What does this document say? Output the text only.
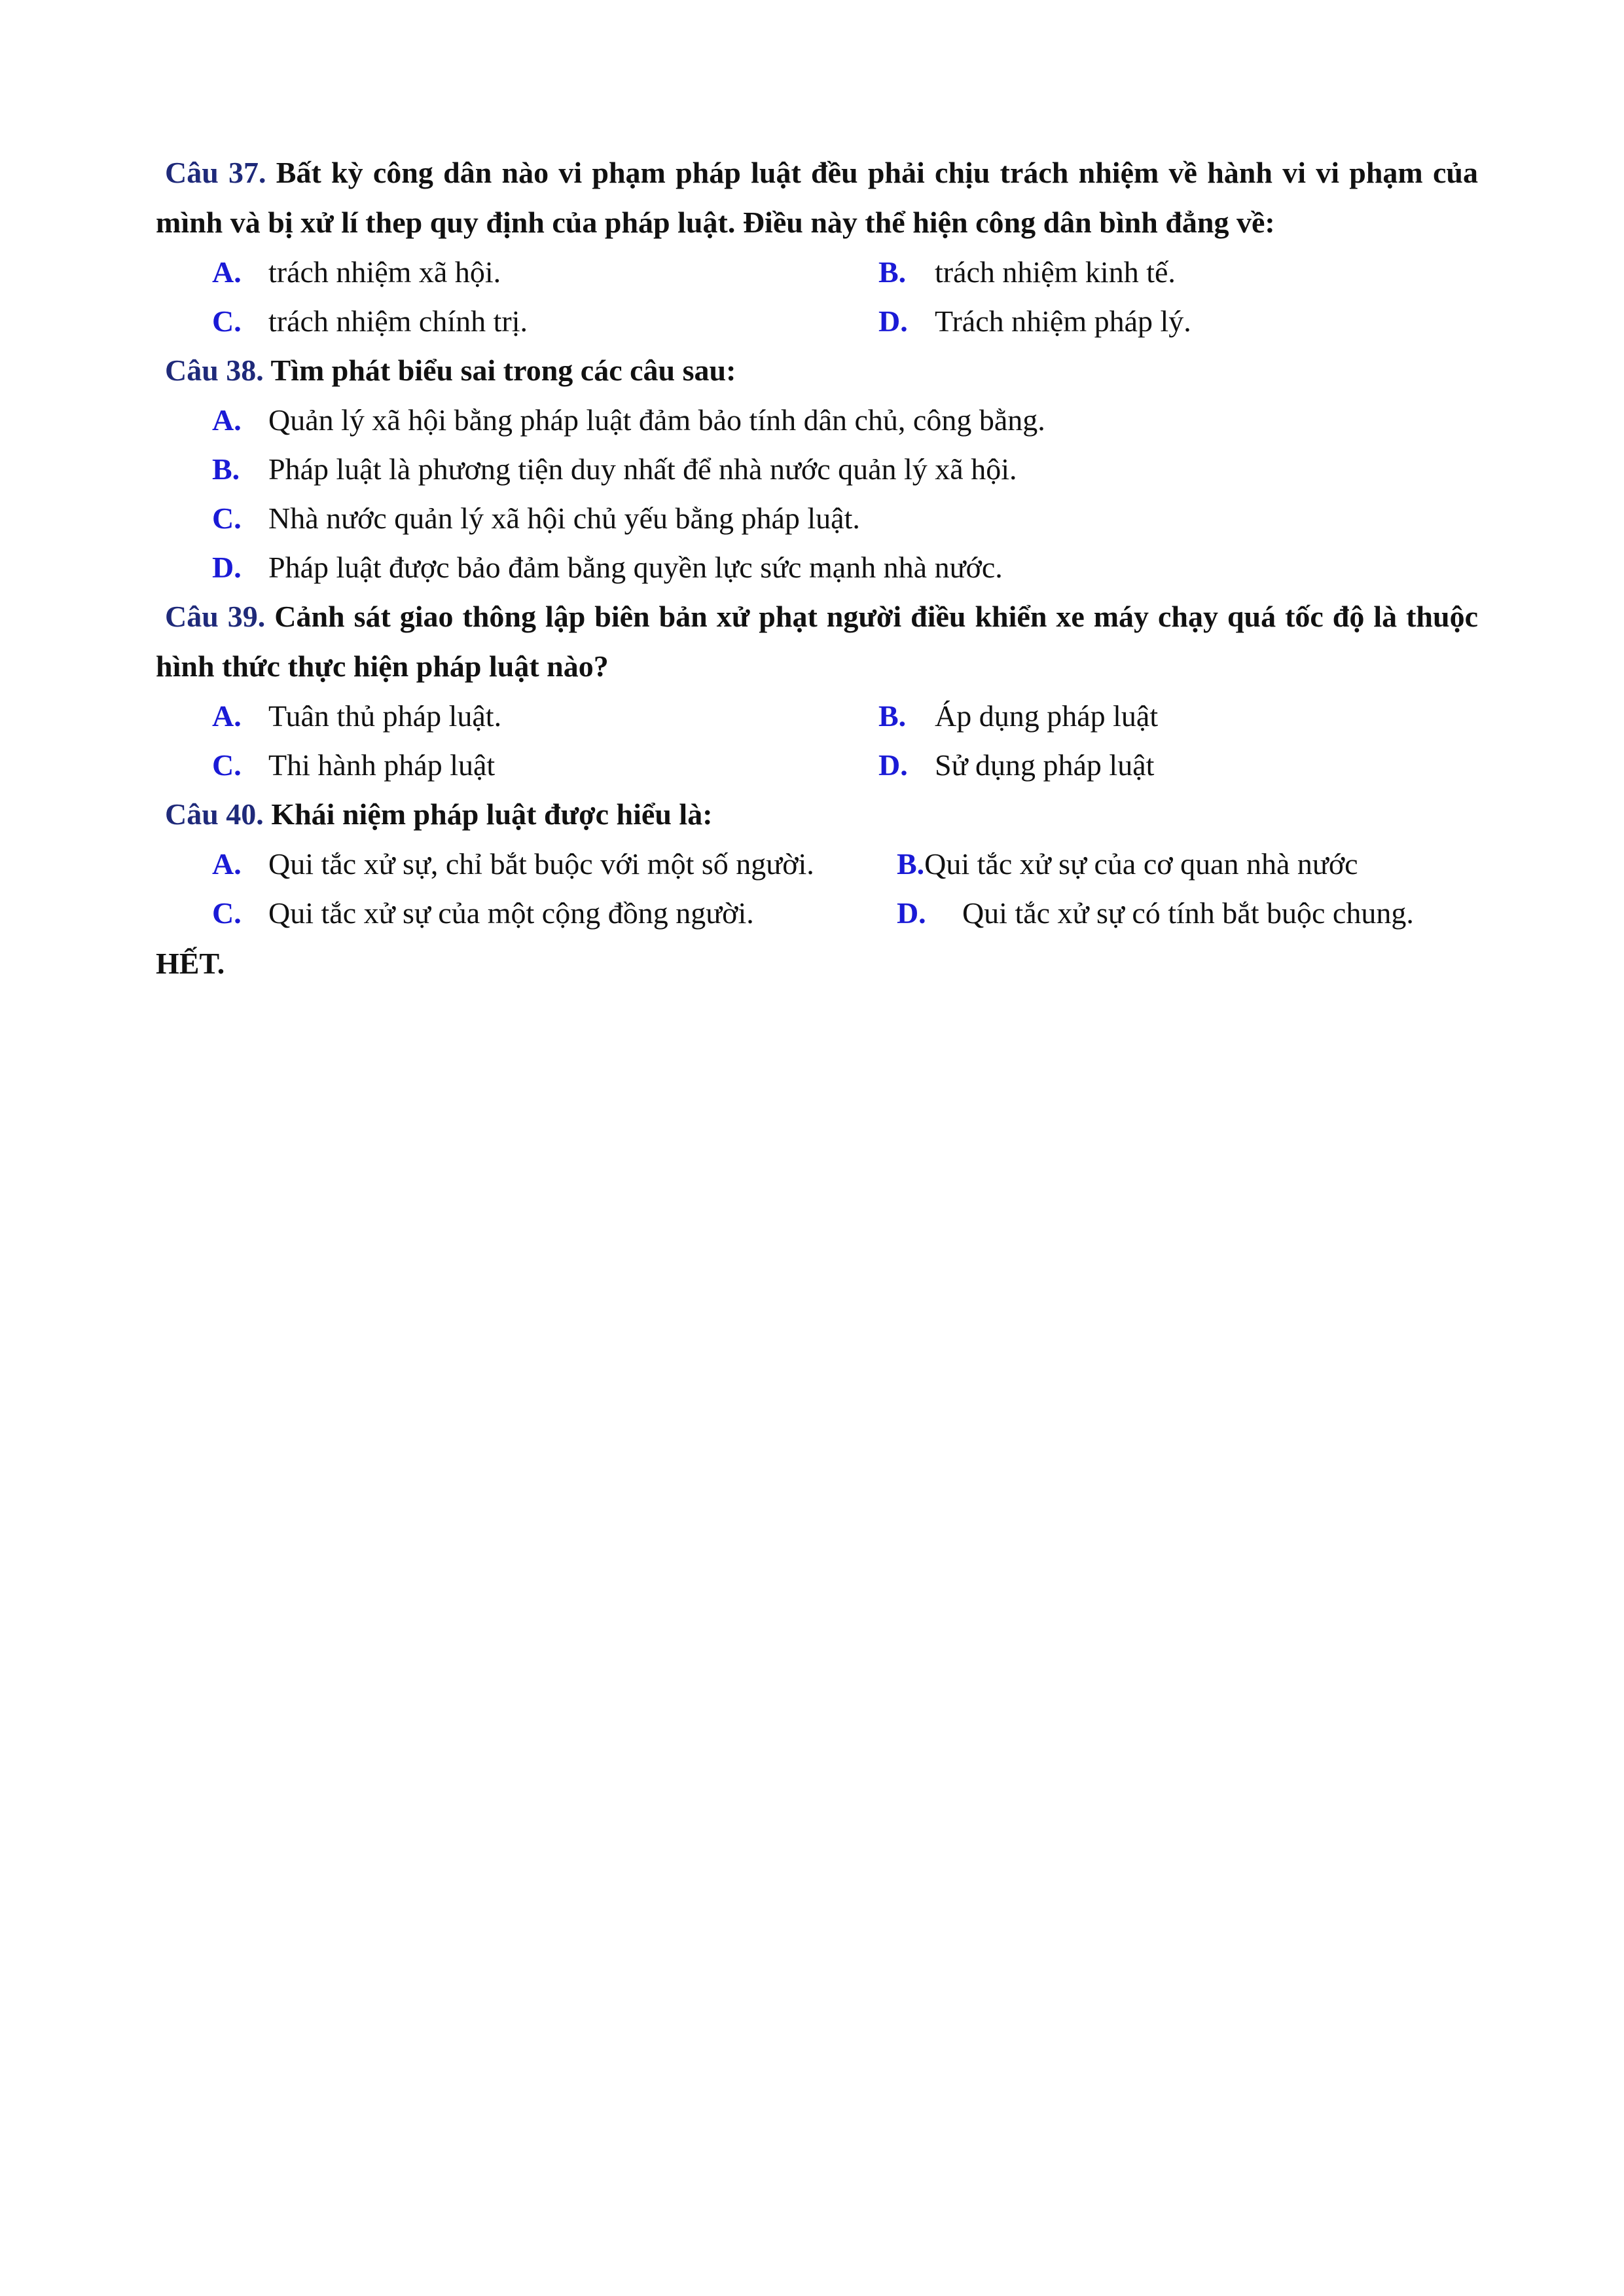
Câu 37. Bất kỳ công dân nào vi phạm pháp luật đều phải chịu trách nhiệm về hành vi vi phạm của mình và bị xử lí thep quy định của pháp luật. Điều này thể hiện công dân bình đẳng về:
A. trách nhiệm xã hội.	B. trách nhiệm kinh tế.
C. trách nhiệm chính trị.	D. Trách nhiệm pháp lý.
Câu 38. Tìm phát biểu sai trong các câu sau:
A. Quản lý xã hội bằng pháp luật đảm bảo tính dân chủ, công bằng.
B. Pháp luật là phương tiện duy nhất để nhà nước quản lý xã hội.
C. Nhà nước quản lý xã hội chủ yếu bằng pháp luật.
D. Pháp luật được bảo đảm bằng quyền lực sức mạnh nhà nước.
Câu 39. Cảnh sát giao thông lập biên bản xử phạt người điều khiển xe máy chạy quá tốc độ là thuộc hình thức thực hiện pháp luật nào?
A. Tuân thủ pháp luật.	B. Áp dụng pháp luật
C. Thi hành pháp luật	D. Sử dụng pháp luật
Câu 40. Khái niệm pháp luật được hiểu là:
A. Qui tắc xử sự, chỉ bắt buộc với một số người.	B. Qui tắc xử sự của cơ quan nhà nước
C. Qui tắc xử sự của một cộng đồng người.	D.	Qui tắc xử sự có tính bắt buộc chung.
HẾT.
